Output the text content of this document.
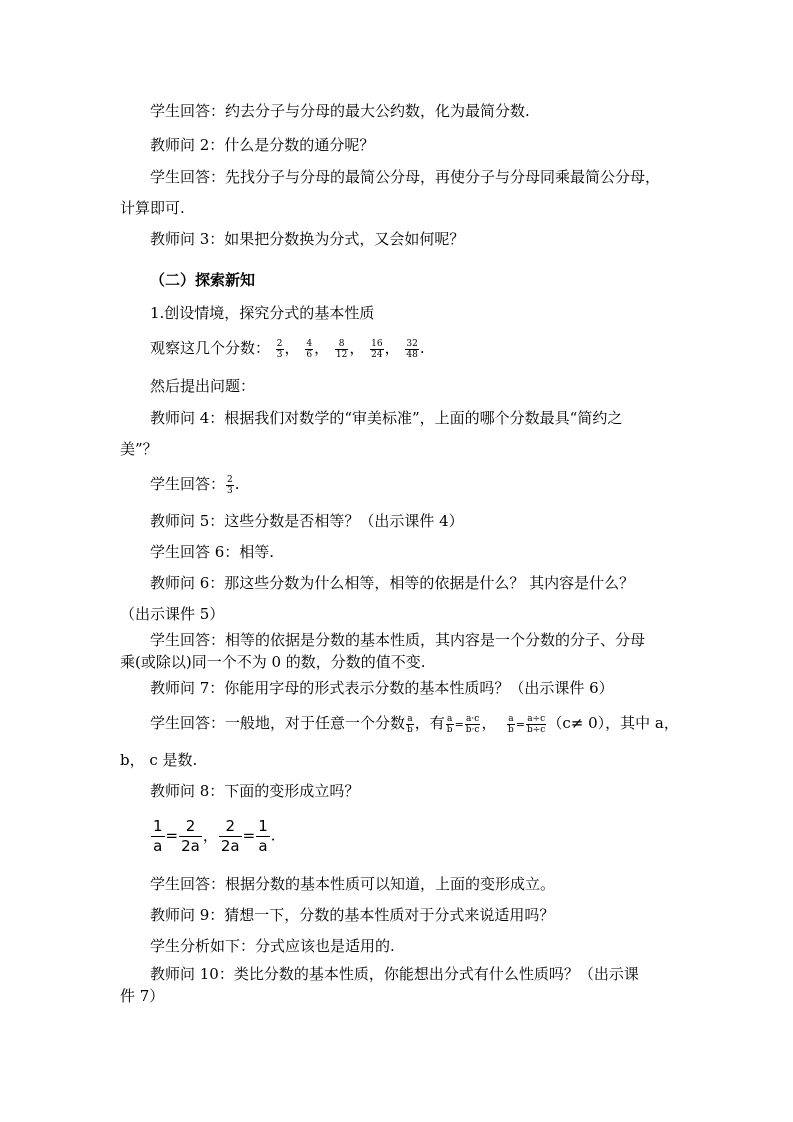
学生回答：约去分子与分母的最大公约数，化为最简分数.
教师问 2：什么是分数的通分呢？
学生回答：先找分子与分母的最简公分母，再使分子与分母同乘最简公分母，
计算即可.
教师问 3：如果把分数换为分式，又会如何呢？
（二）探索新知
1.创设情境，探究分式的基本性质
观察这几个分数： $\frac{2}{3}$ ， $\frac{4}{6}$ ， $\frac{8}{12}$ ， $\frac{16}{24}$ ， $\frac{32}{48}$ .
然后提出问题：
教师问 4：根据我们对数学的“审美标准”，上面的哪个分数最具“简约之
美”？
学生回答： $\frac{2}{3}$ .
教师问 5：这些分数是否相等？（出示课件 4）
学生回答 6：相等.
教师问 6：那这些分数为什么相等，相等的依据是什么？ 其内容是什么？
（出示课件 5）
学生回答：相等的依据是分数的基本性质，其内容是一个分数的分子、分母
乘(或除以)同一个不为 0 的数，分数的值不变.
教师问 7：你能用字母的形式表示分数的基本性质吗？（出示课件 6）
学生回答：一般地，对于任意一个分数 $\frac{a}{b}$ ，有 $\frac{a}{b} = \frac{a\cdot c}{b\cdot c}$ ， $\frac{a}{b} = \frac{a\div c}{b\div c} (c\ne 0)$，其中 a，
b， c 是数.
教师问 8：下面的变形成立吗？
$\frac{1}{a} = \frac{2}{2a}$ ， $\frac{2}{2a} = \frac{1}{a}$ .
学生回答：根据分数的基本性质可以知道，上面的变形成立。
教师问 9：猜想一下，分数的基本性质对于分式来说适用吗？
学生分析如下：分式应该也是适用的.
教师问 10：类比分数的基本性质，你能想出分式有什么性质吗？（出示课
件 7）
